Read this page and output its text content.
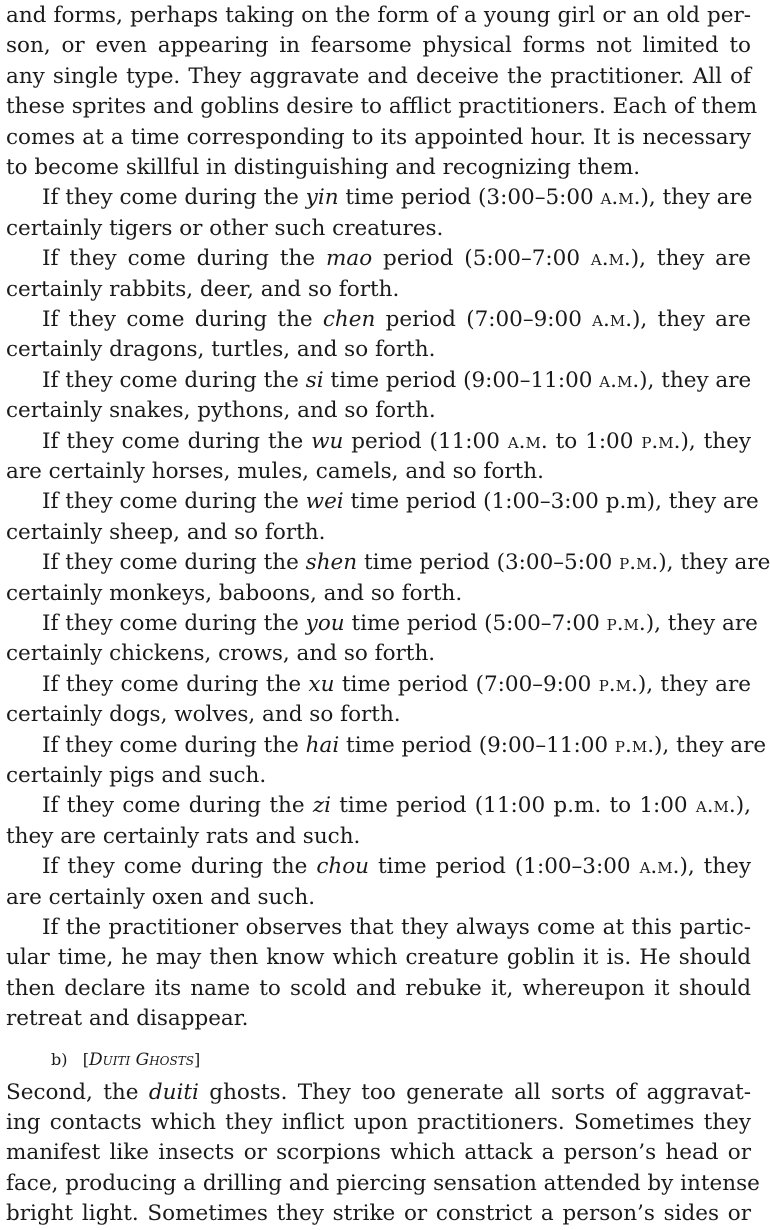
and forms, perhaps taking on the form of a young girl or an old per-
son, or even appearing in fearsome physical forms not limited to
any single type. They aggravate and deceive the practitioner. All of
these sprites and goblins desire to afflict practitioners. Each of them
comes at a time corresponding to its appointed hour. It is necessary
to become skillful in distinguishing and recognizing them.
If they come during the yin time period (3:00–5:00 a.m.), they are
certainly tigers or other such creatures.
If they come during the mao period (5:00–7:00 a.m.), they are
certainly rabbits, deer, and so forth.
If they come during the chen period (7:00–9:00 a.m.), they are
certainly dragons, turtles, and so forth.
If they come during the si time period (9:00–11:00 a.m.), they are
certainly snakes, pythons, and so forth.
If they come during the wu period (11:00 a.m. to 1:00 p.m.), they
are certainly horses, mules, camels, and so forth.
If they come during the wei time period (1:00–3:00 p.m), they are
certainly sheep, and so forth.
If they come during the shen time period (3:00–5:00 p.m.), they are
certainly monkeys, baboons, and so forth.
If they come during the you time period (5:00–7:00 p.m.), they are
certainly chickens, crows, and so forth.
If they come during the xu time period (7:00–9:00 p.m.), they are
certainly dogs, wolves, and so forth.
If they come during the hai time period (9:00–11:00 p.m.), they are
certainly pigs and such.
If they come during the zi time period (11:00 p.m. to 1:00 a.m.),
they are certainly rats and such.
If they come during the chou time period (1:00–3:00 a.m.), they
are certainly oxen and such.
If the practitioner observes that they always come at this partic-
ular time, he may then know which creature goblin it is. He should
then declare its name to scold and rebuke it, whereupon it should
retreat and disappear.
b) [Duiti Ghosts]
Second, the duiti ghosts. They too generate all sorts of aggravat-
ing contacts which they inflict upon practitioners. Sometimes they
manifest like insects or scorpions which attack a person’s head or
face, producing a drilling and piercing sensation attended by intense
bright light. Sometimes they strike or constrict a person’s sides or
